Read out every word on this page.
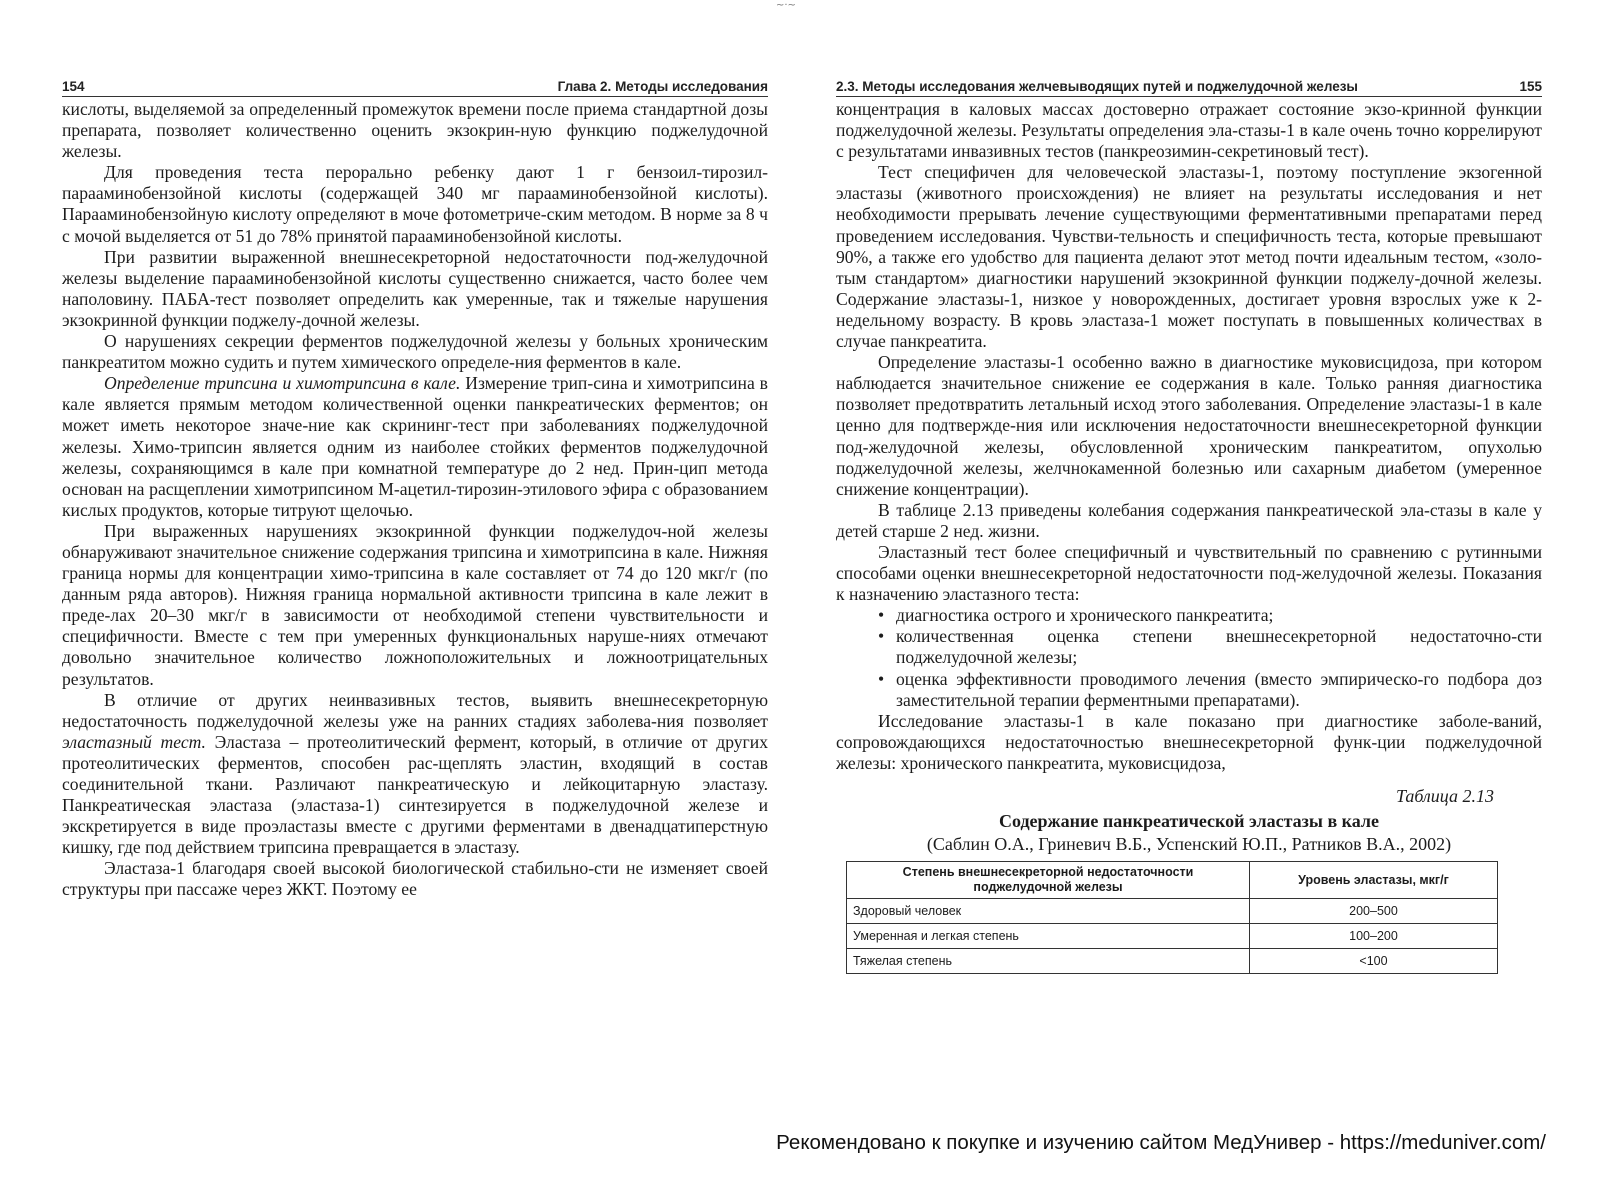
~·~
154	Глава 2. Методы исследования

кислоты, выделяемой за определенный промежуток времени после приема стандартной дозы препарата, позволяет количественно оценить экзокрин-ную функцию поджелудочной железы.

Для проведения теста перорально ребенку дают 1 г бензоил-тирозил-парааминобензойной кислоты (содержащей 340 мг парааминобензойной кислоты). Парааминобензойную кислоту определяют в моче фотометриче-ским методом. В норме за 8 ч с мочой выделяется от 51 до 78% принятой парааминобензойной кислоты.

При развитии выраженной внешнесекреторной недостаточности под-желудочной железы выделение парааминобензойной кислоты существенно снижается, часто более чем наполовину. ПАБА-тест позволяет определить как умеренные, так и тяжелые нарушения экзокринной функции поджелу-дочной железы.

О нарушениях секреции ферментов поджелудочной железы у больных хроническим панкреатитом можно судить и путем химического определе-ния ферментов в кале.

Определение трипсина и химотрипсина в кале. Измерение трип-сина и химотрипсина в кале является прямым методом количественной оценки панкреатических ферментов; он может иметь некоторое значе-ние как скрининг-тест при заболеваниях поджелудочной железы. Химо-трипсин является одним из наиболее стойких ферментов поджелудочной железы, сохраняющимся в кале при комнатной температуре до 2 нед. Прин-цип метода основан на расщеплении химотрипсином М-ацетил-тирозин-этилового эфира с образованием кислых продуктов, которые титруют щелочью.

При выраженных нарушениях экзокринной функции поджелудоч-ной железы обнаруживают значительное снижение содержания трипсина и химотрипсина в кале. Нижняя граница нормы для концентрации химо-трипсина в кале составляет от 74 до 120 мкг/г (по данным ряда авторов). Нижняя граница нормальной активности трипсина в кале лежит в преде-лах 20–30 мкг/г в зависимости от необходимой степени чувствительности и специфичности. Вместе с тем при умеренных функциональных наруше-ниях отмечают довольно значительное количество ложноположительных и ложноотрицательных результатов.

В отличие от других неинвазивных тестов, выявить внешнесекреторную недостаточность поджелудочной железы уже на ранних стадиях заболева-ния позволяет эластазный тест. Эластаза – протеолитический фермент, который, в отличие от других протеолитических ферментов, способен рас-щеплять эластин, входящий в состав соединительной ткани. Различают панкреатическую и лейкоцитарную эластазу. Панкреатическая эластаза (эластаза-1) синтезируется в поджелудочной железе и экскретируется в виде проэластазы вместе с другими ферментами в двенадцатиперстную кишку, где под действием трипсина превращается в эластазу.

Эластаза-1 благодаря своей высокой биологической стабильно-сти не изменяет своей структуры при пассаже через ЖКТ. Поэтому ее

2.3. Методы исследования желчевыводящих путей и поджелудочной железы	155

концентрация в каловых массах достоверно отражает состояние экзо-кринной функции поджелудочной железы. Результаты определения эла-стазы-1 в кале очень точно коррелируют с результатами инвазивных тестов (панкреозимин-секретиновый тест).

Тест специфичен для человеческой эластазы-1, поэтому поступление экзогенной эластазы (животного происхождения) не влияет на результаты исследования и нет необходимости прерывать лечение существующими ферментативными препаратами перед проведением исследования. Чувстви-тельность и специфичность теста, которые превышают 90%, а также его удобство для пациента делают этот метод почти идеальным тестом, «золо-тым стандартом» диагностики нарушений экзокринной функции поджелу-дочной железы. Содержание эластазы-1, низкое у новорожденных, достигает уровня взрослых уже к 2-недельному возрасту. В кровь эластаза-1 может поступать в повышенных количествах в случае панкреатита.

Определение эластазы-1 особенно важно в диагностике муковисцидоза, при котором наблюдается значительное снижение ее содержания в кале. Только ранняя диагностика позволяет предотвратить летальный исход этого заболевания. Определение эластазы-1 в кале ценно для подтвержде-ния или исключения недостаточности внешнесекреторной функции под-желудочной железы, обусловленной хроническим панкреатитом, опухолью поджелудочной железы, желчнокаменной болезнью или сахарным диабетом (умеренное снижение концентрации).

В таблице 2.13 приведены колебания содержания панкреатической эла-стазы в кале у детей старше 2 нед. жизни.

Эластазный тест более специфичный и чувствительный по сравнению с рутинными способами оценки внешнесекреторной недостаточности под-желудочной железы. Показания к назначению эластазного теста:

• диагностика острого и хронического панкреатита;
• количественная оценка степени внешнесекреторной недостаточно-сти поджелудочной железы;
• оценка эффективности проводимого лечения (вместо эмпирическо-го подбора доз заместительной терапии ферментными препаратами).

Исследование эластазы-1 в кале показано при диагностике заболе-ваний, сопровождающихся недостаточностью внешнесекреторной функ-ции поджелудочной железы: хронического панкреатита, муковисцидоза,

Таблица 2.13
Содержание панкреатической эластазы в кале
(Саблин О.А., Гриневич В.Б., Успенский Ю.П., Ратников В.А., 2002)
Степень внешнесекреторной недостаточности поджелудочной железы	Уровень эластазы, мкг/г
Здоровый человек	200–500
Умеренная и легкая степень	100–200
Тяжелая степень	<100
Рекомендовано к покупке и изучению сайтом МедУнивер - https://meduniver.com/
